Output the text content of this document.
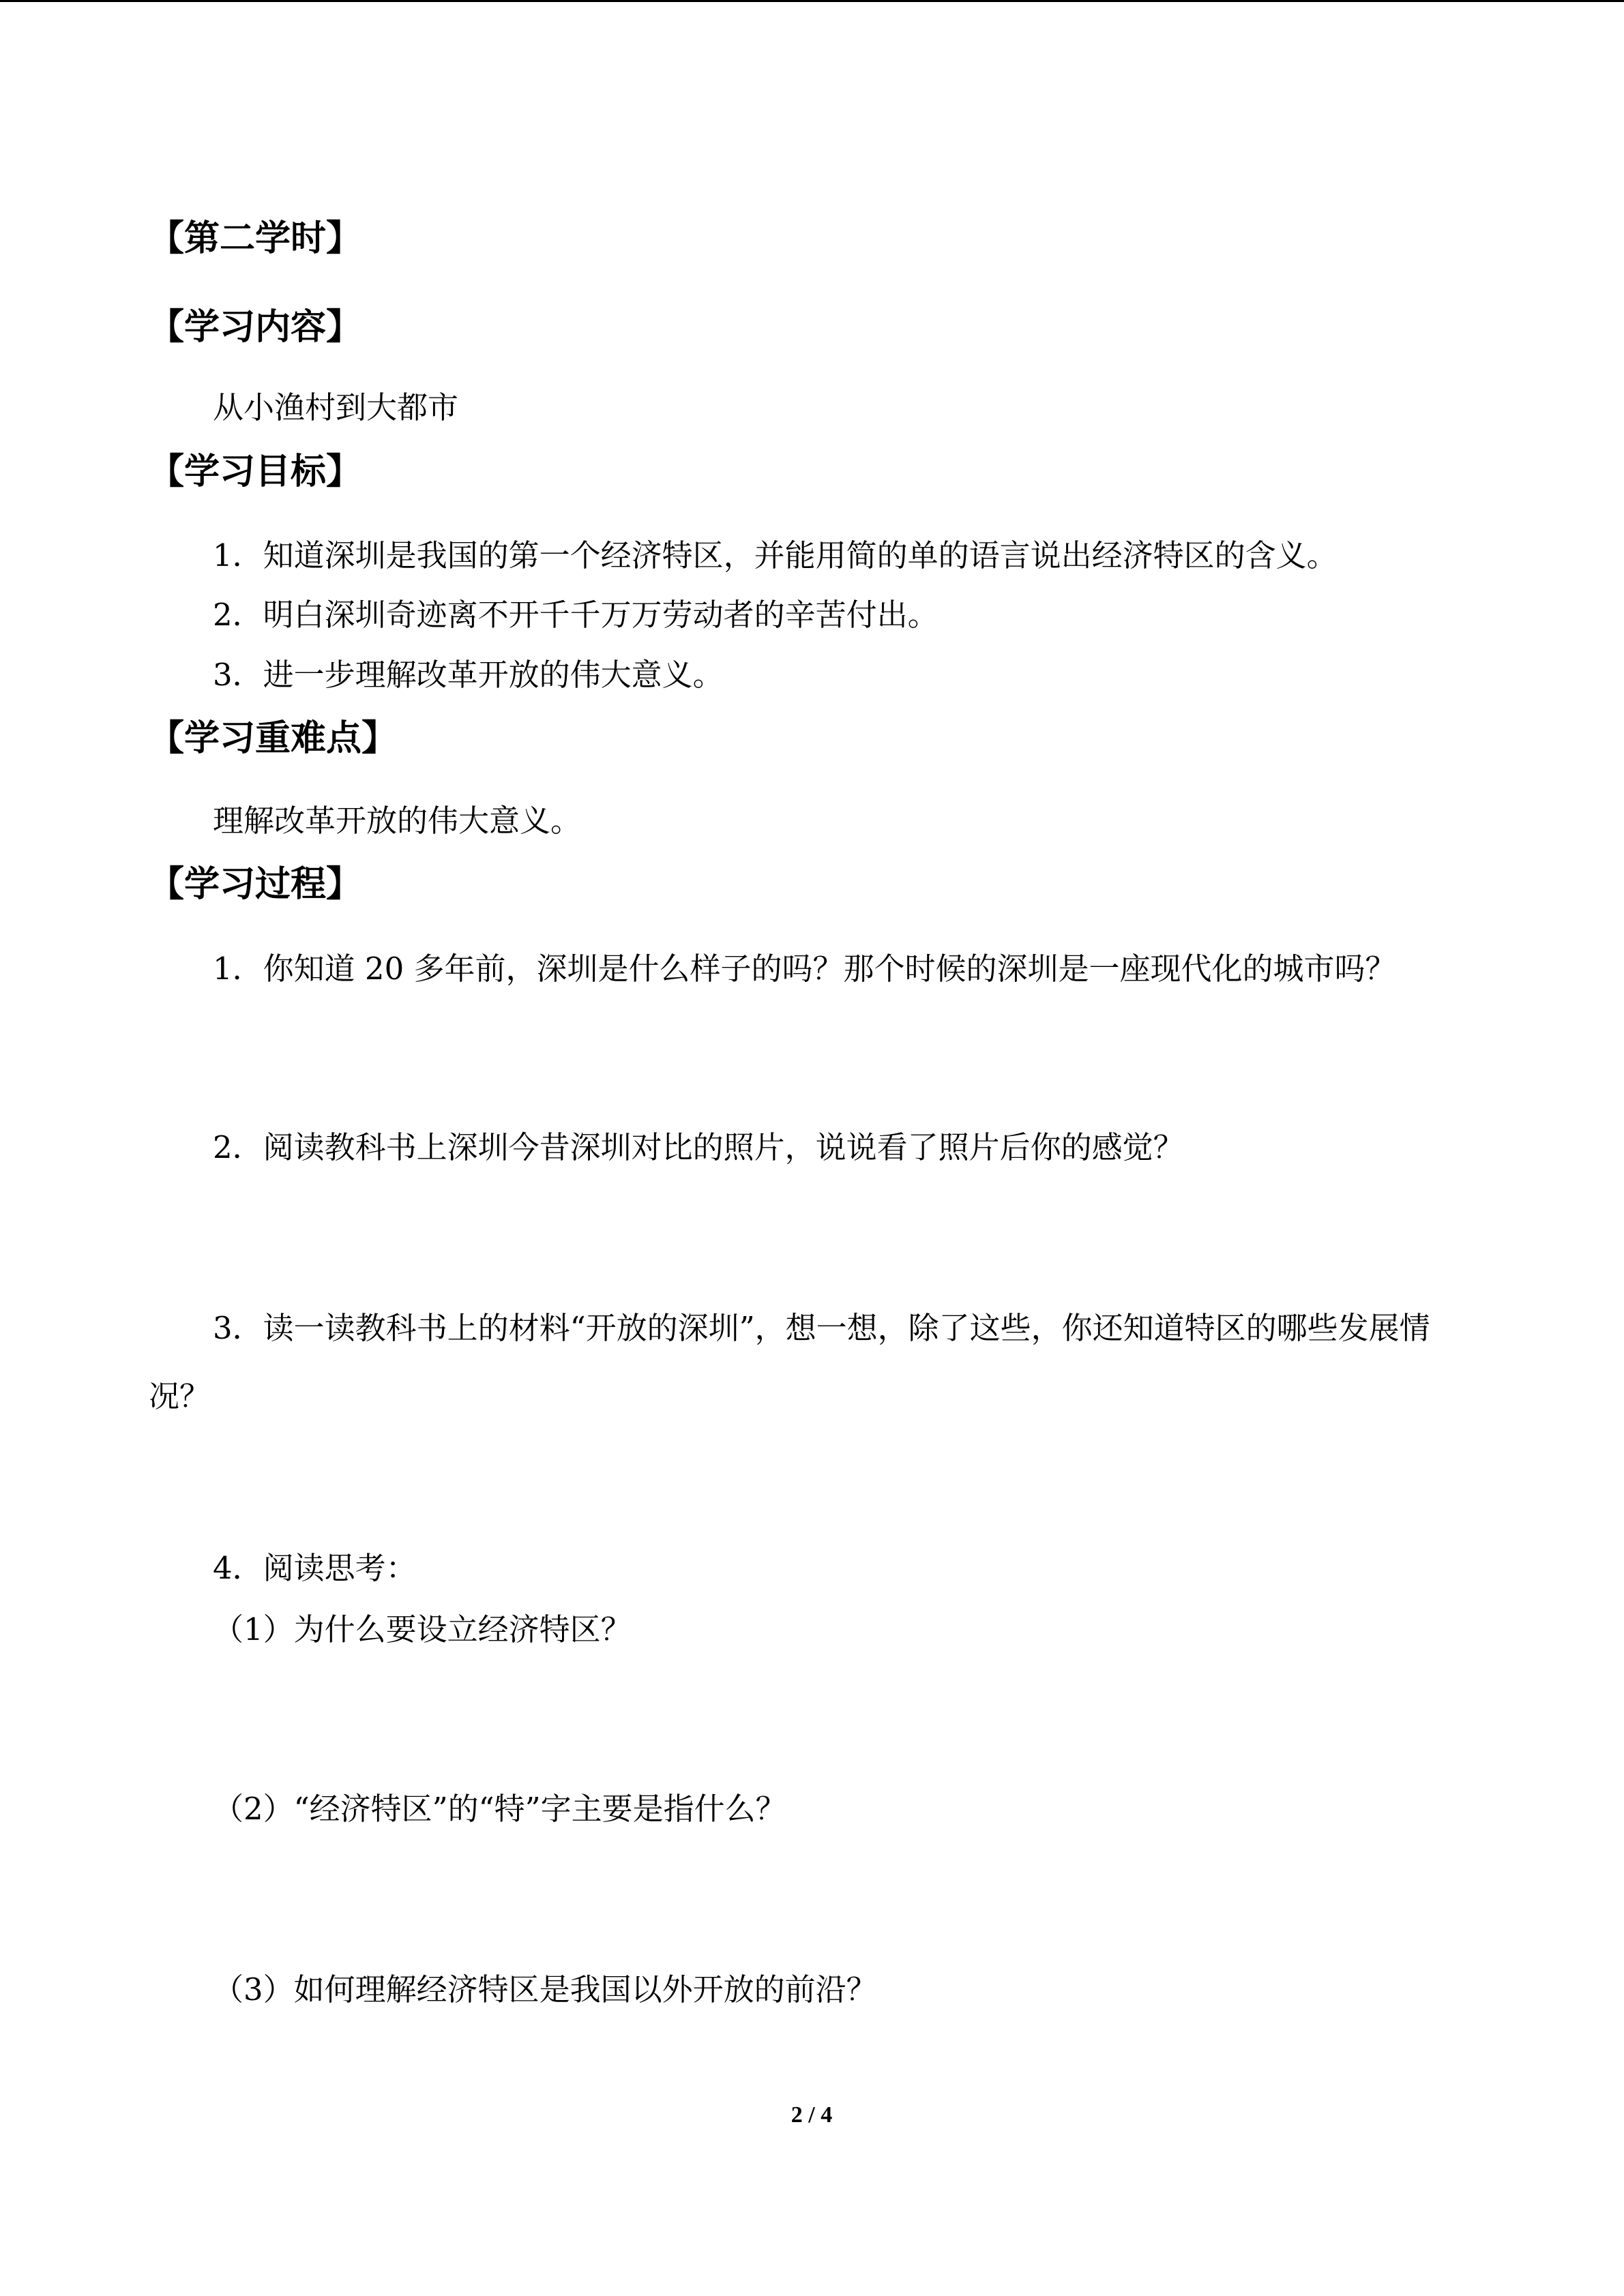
【第二学时】
【学习内容】
从小渔村到大都市
【学习目标】
1．知道深圳是我国的第一个经济特区，并能用简的单的语言说出经济特区的含义。
2．明白深圳奇迹离不开千千万万劳动者的辛苦付出。
3．进一步理解改革开放的伟大意义。
【学习重难点】
理解改革开放的伟大意义。
【学习过程】
1．你知道 20 多年前，深圳是什么样子的吗？那个时候的深圳是一座现代化的城市吗？
2．阅读教科书上深圳今昔深圳对比的照片，说说看了照片后你的感觉？
3．读一读教科书上的材料“开放的深圳”，想一想，除了这些，你还知道特区的哪些发展情况？
4．阅读思考：
（1）为什么要设立经济特区？
（2）“经济特区”的“特”字主要是指什么？
（3）如何理解经济特区是我国以外开放的前沿？
2 / 4
